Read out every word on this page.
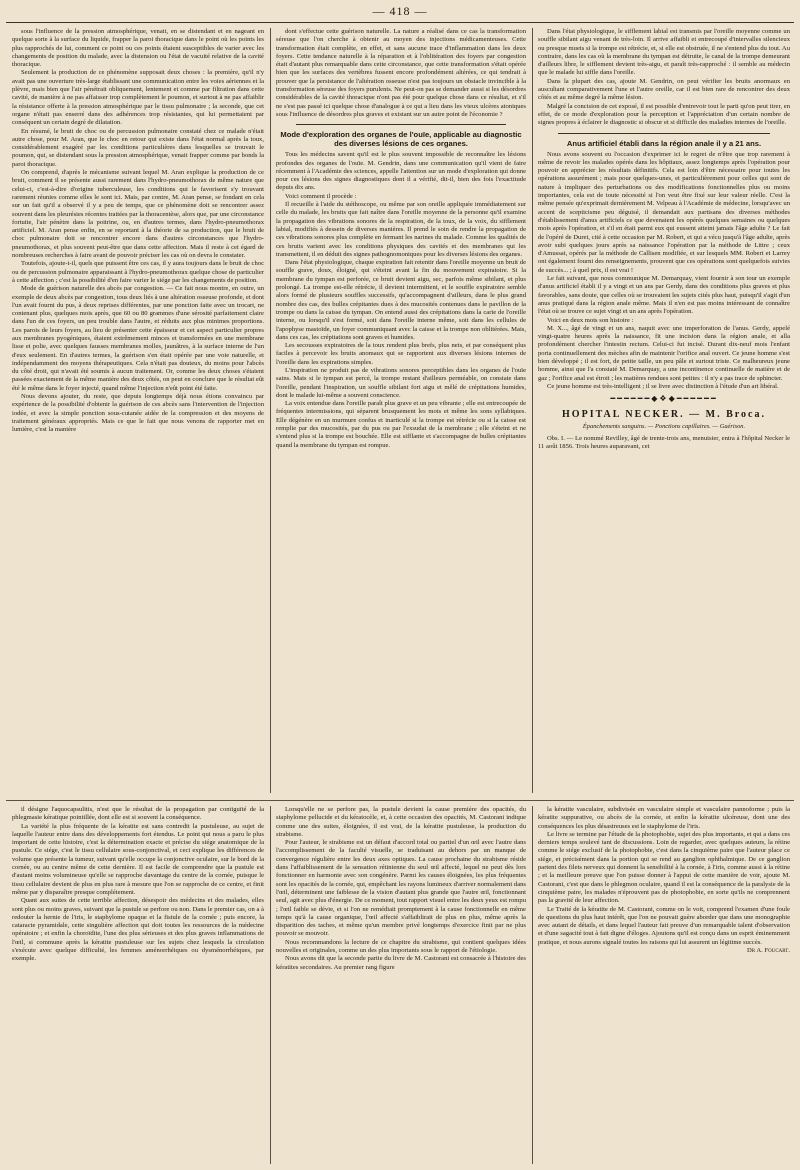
— 418 —

sous l'influence de la pression atmosphérique, venait, en se distendant et en nageant en quelque sorte à la surface du liquide, frapper la paroi thoracique dans le point où les points les plus rapprochés de lui, comment ce point ou ces points étaient susceptibles de varier avec les changements de position du malade, avec la distension ou l'état de vacuité relative de la cavité thoracique.

Seulement la production de ce phénomène supposait deux choses : la première, qu'il n'y avait pas une ouverture très-large établissant une communication entre les voies aériennes et la plèvre, mais bien que l'air pénétrait obliquement, lentement et comme par filtration dans cette cavité, de manière à ne pas affaisser trop complètement le poumon, et surtout à ne pas affaiblir la résistance offerte à la pression atmosphérique par le tissu pulmonaire ; la seconde, que cet organe n'était pas enserré dans des adhérences trop résistantes, qui lui permettaient par conséquent un certain degré de dilatation.

En résumé, le bruit de choc ou de percussion pulmonaire constaté chez ce malade n'était autre chose, pour M. Aran, que le choc en retour qui existe dans l'état normal après la toux, considérablement exagéré par les conditions particulières dans lesquelles se trouvait le poumon, qui, se distendant sous la pression atmosphérique, venait frapper comme par bonds la paroi thoracique.

On comprend, d'après le mécanisme suivant lequel M. Aran explique la production de ce bruit, comment il se présente aussi rarement dans l'hydro-pneumothorax de même nature que celui-ci, c'est-à-dire d'origine tuberculeuse, les conditions qui le favorisent s'y trouvant rarement réunies comme elles le sont ici. Mais, par contre, M. Aran pense, se fondant en cela sur un fait qu'il a observé il y a peu de temps, que ce phénomène doit se rencontrer assez souvent dans les pleurésies récentes traitées par la thoracentèse, alors que, par une circonstance fortuite, l'air pénètre dans la poitrine, ou, en d'autres termes, dans l'hydro-pneumothorax artificiel. M. Aran pense enfin, en se reportant à la théorie de sa production, que le bruit de choc pulmonaire doit se rencontrer encore dans d'autres circonstances que l'hydro-pneumothorax, et plus souvent peut-être que dans cette affection. Mais il reste à cet égard de nombreuses recherches à faire avant de pouvoir préciser les cas où on devra le constater.

Toutefois, ajoute-t-il, quels que puissent être ces cas, il y aura toujours dans le bruit de choc ou de percussion pulmonaire apparaissant à l'hydro-pneumothorax quelque chose de particulier à cette affection ; c'est la possibilité d'en faire varier le siége par les changements de position.

Mode de guérison naturelle des abcès par congestion. — Ce fait nous montre, en outre, un exemple de deux abcès par congestion, tous deux liés à une altération osseuse profonde, et dont l'un avait fourni du pus, à deux reprises différentes, par une ponction faite avec un trocart, ne contenant plus, quelques mois après, que 60 ou 80 grammes d'une sérosité parfaitement claire dans l'un de ces foyers, un peu trouble dans l'autre, et réduits aux plus minimes proportions. Les parois de leurs foyers, au lieu de présenter cette épaisseur et cet aspect particulier propres aux membranes pyogéniques, étaient extrêmement minces et transformées en une membrane lisse et polie, avec quelques fausses membranes molles, jaunâtres, à la surface interne de l'un d'eux seulement. En d'autres termes, la guérison s'en était opérée par une voie naturelle, et indépendamment des moyens thérapeutiques. Cela n'était pas douteux, du moins pour l'abcès du côté droit, qui n'avait été soumis à aucun traitement. Or, comme les deux choses s'étaient passées exactement de la même manière des deux côtés, on peut en conclure que le résultat eût été le même dans le foyer injecté, quand même l'injection n'eût point été faite.

Nous devons ajouter, du reste, que depuis longtemps déjà nous étions convaincu par expérience de la possibilité d'obtenir la guérison de ces abcès sans l'intervention de l'injection iodée, et avec la simple ponction sous-cutanée aidée de la compression et des moyens de traitement généraux appropriés. Mais ce que le fait que nous venons de rapporter met en lumière, c'est la manière

dont s'effectue cette guérison naturelle. La nature a réalisé dans ce cas la transformation séreuse que l'on cherche à obtenir au moyen des injections médicamenteuses. Cette transformation était complète, en effet, et sans aucune trace d'inflammation dans les deux foyers. Cette tendance naturelle à la réparation et à l'oblitération des foyers par congestion était d'autant plus remarquable dans cette circonstance, que cette transformation s'était opérée bien que les surfaces des vertèbres fussent encore profondément altérées, ce qui tendrait à prouver que la persistance de l'altération osseuse n'est pas toujours un obstacle invincible à la transformation séreuse des foyers purulents. Ne peut-on pas se demander aussi si les désordres considérables de la cavité thoracique n'ont pas été pour quelque chose dans ce résultat, et s'il ne s'est pas passé ici quelque chose d'analogue à ce qui a lieu dans les vieux ulcères atoniques sous l'influence de désordres plus graves et existant sur un autre point de l'économie ?

Mode d'exploration des organes de l'ouïe, applicable au diagnostic des diverses lésions de ces organes.

Tous les médecins savent qu'il est le plus souvent impossible de reconnaître les lésions profondes des organes de l'ouïe. M. Gendrin, dans une communication qu'il vient de faire récemment à l'Académie des sciences, appelle l'attention sur un mode d'exploration qui donne pour ces lésions des signes diagnostiques dont il a vérifié, dit-il, bien des fois l'exactitude depuis dix ans.

Voici comment il procède :

Il recueille à l'aide du stéthoscope, ou même par son oreille appliquée immédiatement sur celle du malade, les bruits que fait naître dans l'oreille moyenne de la personne qu'il examine la propagation des vibrations sonores de la respiration, de la toux, de la voix, du sifflement labial, modifiés à dessein de diverses manières. Il prend le soin de rendre la propagation de ces vibrations sonores plus complète en fermant les narines du malade. Comme les qualités de ces bruits varient avec les conditions physiques des cavités et des membranes qui les transmettent, il en déduit des signes pathognomoniques pour les diverses lésions des organes.

Dans l'état physiologique, chaque expiration fait retentir dans l'oreille moyenne un bruit de souffle grave, doux, éloigné, qui s'éteint avant la fin du mouvement expiratoire. Si la membrane du tympan est perforée, ce bruit devient aigu, sec, parfois même sibilant, et plus prolongé. La trompe est-elle rétrécie, il devient intermittent, et le souffle expiratoire semble alors formé de plusieurs souffles successifs, qu'accompagnent d'ailleurs, dans le plus grand nombre des cas, des bulles crépitantes dues à des mucosités contenues dans le pavillon de la trompe ou dans la caisse du tympan. On entend aussi des crépitations dans la carie de l'oreille interne, ou lorsqu'il s'est formé, soit dans l'oreille interne même, soit dans les cellules de l'apophyse mastoïde, un foyer communiquant avec la caisse et la trompe non oblitérées. Mais, dans ces cas, les crépitations sont graves et humides.

Les secousses expiratoires de la toux rendent plus brefs, plus nets, et par conséquent plus faciles à percevoir les bruits anomaux qui se rapportent aux diverses lésions internes de l'oreille dans les expirations simples.

L'inspiration ne produit pas de vibrations sonores perceptibles dans les organes de l'ouïe sains. Mais si le tympan est percé, la trompe restant d'ailleurs perméable, on constate dans l'oreille, pendant l'inspiration, un souffle sibilant fort aigu et mêlé de crépitations humides, dont le malade lui-même a souvent conscience.

La voix entendue dans l'oreille paraît plus grave et un peu vibrante ; elle est entrecoupée de fréquentes intermissions, qui séparent brusquement les mots et même les sons syllabiques. Elle dégénère en un murmure confus et inarticulé si la trompe est rétrécie ou si la caisse est remplie par des mucosités, par du pus ou par l'exsudat de la membrane ; elle s'éteint et ne s'entend plus si la trompe est bouchée. Elle est sifflante et s'accompagne de bulles crépitantes quand la membrane du tympan est rompue.

Dans l'état physiologique, le sifflement labial est transmis par l'oreille moyenne comme un souffle sibilant aigu venant de très-loin. Il arrive affaibli et entrecoupé d'intervalles silencieux ou presque muets si la trompe est rétrécie, et, si elle est obstruée, il ne s'entend plus du tout. Au contraire, dans les cas où la membrane du tympan est détruite, le canal de la trompe demeurant d'ailleurs libre, le sifflement devient très-aigu, et paraît très-rapproché : il semble au médecin que le malade lui siffle dans l'oreille.

Dans la plupart des cas, ajoute M. Gendrin, on peut vérifier les bruits anormaux en auscultant comparativement l'une et l'autre oreille, car il est bien rare de rencontrer des deux côtés et au même degré la même lésion.

Malgré la concision de cet exposé, il est possible d'entrevoir tout le parti qu'on peut tirer, en effet, de ce mode d'exploration pour la perception et l'appréciation d'un certain nombre de signes propres à éclairer le diagnostic si obscur et si difficile des maladies internes de l'oreille.

Anus artificiel établi dans la région anale il y a 21 ans.

Nous avons souvent eu l'occasion d'exprimer ici le regret de n'être que trop rarement à même de revoir les malades opérés dans les hôpitaux, assez longtemps après l'opération pour pouvoir en apprécier les résultats définitifs. Cela est loin d'être nécessaire pour toutes les opérations assurément ; mais pour quelques-unes, et particulièrement pour celles qui sont de nature à impliquer des perturbations ou des modifications fonctionnelles plus ou moins importantes, cela est de toute nécessité si l'on veut être fixé sur leur valeur réelle. C'est la même pensée qu'exprimait dernièrement M. Velpeau à l'Académie de médecine, lorsqu'avec un accent de scepticisme peu déguisé, il demandait aux partisans des diverses méthodes d'établissement d'anus artificiels ce que devenaient les opérés quelques semaines ou quelques mois après l'opération, et s'il en était parmi eux qui eussent atteint jamais l'âge adulte ? Le fait de l'opéré de Duret, cité à cette occasion par M. Robert, et qui a vécu jusqu'à l'âge adulte, après avoir subi quelques jours après sa naissance l'opération par la méthode de Littre ; ceux d'Amussat, opérés par la méthode de Callisen modifiée, et sur lesquels MM. Robert et Larrey ont également fourni des renseignements, prouvent que ces opérations sont quelquefois suivies de succès... ; à quel prix, il est vrai !

Le fait suivant, que nous communique M. Demarquay, vient fournir à son tour un exemple d'anus artificiel établi il y a vingt et un ans par Gerdy, dans des conditions plus graves et plus favorables, sans doute, que celles où se trouvaient les sujets cités plus haut, puisqu'il s'agit d'un anus pratiqué dans la région anale même. Mais il n'en est pas moins intéressant de connaître l'état où se trouve ce sujet vingt et un ans après l'opération.

Voici en deux mots son histoire :

M. X..., âgé de vingt et un ans, naquit avec une imperforation de l'anus. Gerdy, appelé vingt-quatre heures après la naissance, fit une incision dans la région anale, et alla profondément chercher l'intestin rectum. Celui-ci fut incisé. Durant dix-neuf mois l'enfant porta continuellement des mèches afin de maintenir l'orifice anal ouvert. Ce jeune homme s'est bien développé ; il est fort, de petite taille, un peu pâle et surtout triste. Ce malheureux jeune homme, ainsi que l'a constaté M. Demarquay, a une incontinence continuelle de matière et de gaz ; l'orifice anal est étroit ; les matières rendues sont petites : il n'y a pas trace de sphincter.

Ce jeune homme est très-intelligent ; il se livre avec distinction à l'étude d'un art libéral.

━━━━━━◆❖◆━━━━━━
HOPITAL NECKER. — M. Broca.
Épanchements sanguins. — Ponctions capillaires. — Guérison.

Obs. I. — Le nommé Revilley, âgé de trente-trois ans, menuisier, entra à l'hôpital Necker le 11 août 1856. Trois heures auparavant, cet

il désigne l'aquocapsulitis, n'est que le résultat de la propagation par contiguïté de la phlegmasie kératique pointillée, dont elle est si souvent la conséquence.

La variété la plus fréquente de la kératite est sans contredit la pustuleuse, au sujet de laquelle l'auteur entre dans des développements fort étendus. Le point qui nous a paru le plus important de cette histoire, c'est la détermination exacte et précise du siége anatomique de la pustule. Ce siége, c'est le tissu cellulaire sous-conjonctival, et ceci explique les différences de volume que présente la tumeur, suivant qu'elle occupe la conjonctive oculaire, sur le bord de la cornée, ou au centre même de cette dernière. Il est facile de comprendre que la pustule est d'autant moins volumineuse qu'elle se rapproche davantage du centre de la cornée, puisque le tissu cellulaire devient de plus en plus rare à mesure que l'on se rapproche de ce centre, et finit même par y disparaître presque complétement.

Quant aux suites de cette terrible affection, désespoir des médecins et des malades, elles sont plus ou moins graves, suivant que la pustule se perfore ou non. Dans le premier cas, on a à redouter la hernie de l'iris, le staphylome opaque et la fistule de la cornée ; puis encore, la cataracte pyramidale, cette singulière affection qui doit toutes les ressources de la médecine opératoire ; et enfin la choroïdite, l'une des plus sérieuses et des plus graves inflammations de l'œil, si commune après la kératite pustuleuse sur les sujets chez lesquels la circulation s'exécute avec quelque difficulté, les femmes aménorrhéiques ou dysménorrhéiques, par exemple.

Lorsqu'elle ne se perfore pas, la pustule devient la cause première des opacités, du staphylome pellucide et du kératocèle, et, à cette occasion des opacités, M. Castorani indique comme une des suites, éloignées, il est vrai, de la kératite pustuleuse, la production du strabisme.

Pour l'auteur, le strabisme est un défaut d'accord total ou partiel d'un œil avec l'autre dans l'accomplissement de la faculté visuelle, se traduisant au dehors par un manque de convergence régulière entre les deux axes optiques. La cause prochaine du strabisme réside dans l'affaiblissement de la sensation rétinienne du seul œil affecté, lequel ne peut dès lors fonctionner en harmonie avec son congénère. Parmi les causes éloignées, les plus fréquentes sont les opacités de la cornée, qui, empêchant les rayons lumineux d'arriver normalement dans l'œil, déterminent une faiblesse de la vision d'autant plus grande que l'autre œil, fonctionnant seul, agit avec plus d'énergie. De ce moment, tout rapport visuel entre les deux yeux est rompu ; l'œil faible se dévie, et si l'on ne remédiait promptement à la cause fonctionnelle en même temps qu'à la cause organique, l'œil affecté s'affaiblirait de plus en plus, même après la disparition des taches, et même qu'un membre privé longtemps d'exercice finit par ne plus pouvoir se mouvoir.

Nous recommandons la lecture de ce chapitre du strabisme, qui contient quelques idées nouvelles et originales, comme un des plus importants sous le rapport de l'étiologie.

Nous avons dit que la seconde partie du livre de M. Castorani est consacrée à l'histoire des kératites secondaires. Au premier rang figure

la kératite vasculaire, subdivisée en vasculaire simple et vasculaire pannoforme ; puis la kératite suppurative, ou abcès de la cornée, et enfin la kératite ulcéreuse, dont une des conséquences les plus désastreuses est le staphylome de l'iris.

Le livre se termine par l'étude de la photophobie, sujet des plus importants, et qui a dans ces derniers temps soulevé tant de discussions. Loin de regarder, avec quelques auteurs, la rétine comme le siége exclusif de la photophobie, c'est dans la cinquième paire que l'auteur place ce siége, et précisément dans la portion qui se rend au ganglion ophthalmique. De ce ganglion partent des filets nerveux qui donnent la sensibilité à la cornée, à l'iris, comme aussi à la rétine ; et la meilleure preuve que l'on puisse donner à l'appui de cette manière de voir, ajoute M. Castorani, c'est que dans le phlegmon oculaire, quand il est la conséquence de la paralysie de la cinquième paire, les malades n'éprouvent pas de photophobie, en sorte qu'ils ne comprennent pas la gravité de leur affection.

Le Traité de la kératite de M. Castorani, comme on le voit, comprend l'examen d'une foule de questions du plus haut intérêt, que l'on ne pouvait guère aborder que dans une monographie avec autant de détails, et dans lequel l'auteur fait preuve d'un remarquable talent d'observation et d'une sagacité tout à fait digne d'éloges. Ajoutons qu'il est conçu dans un esprit éminemment pratique, et nous aurons signalé toutes les raisons qui lui assurent un légitime succès.

Dr A. Foucart.
